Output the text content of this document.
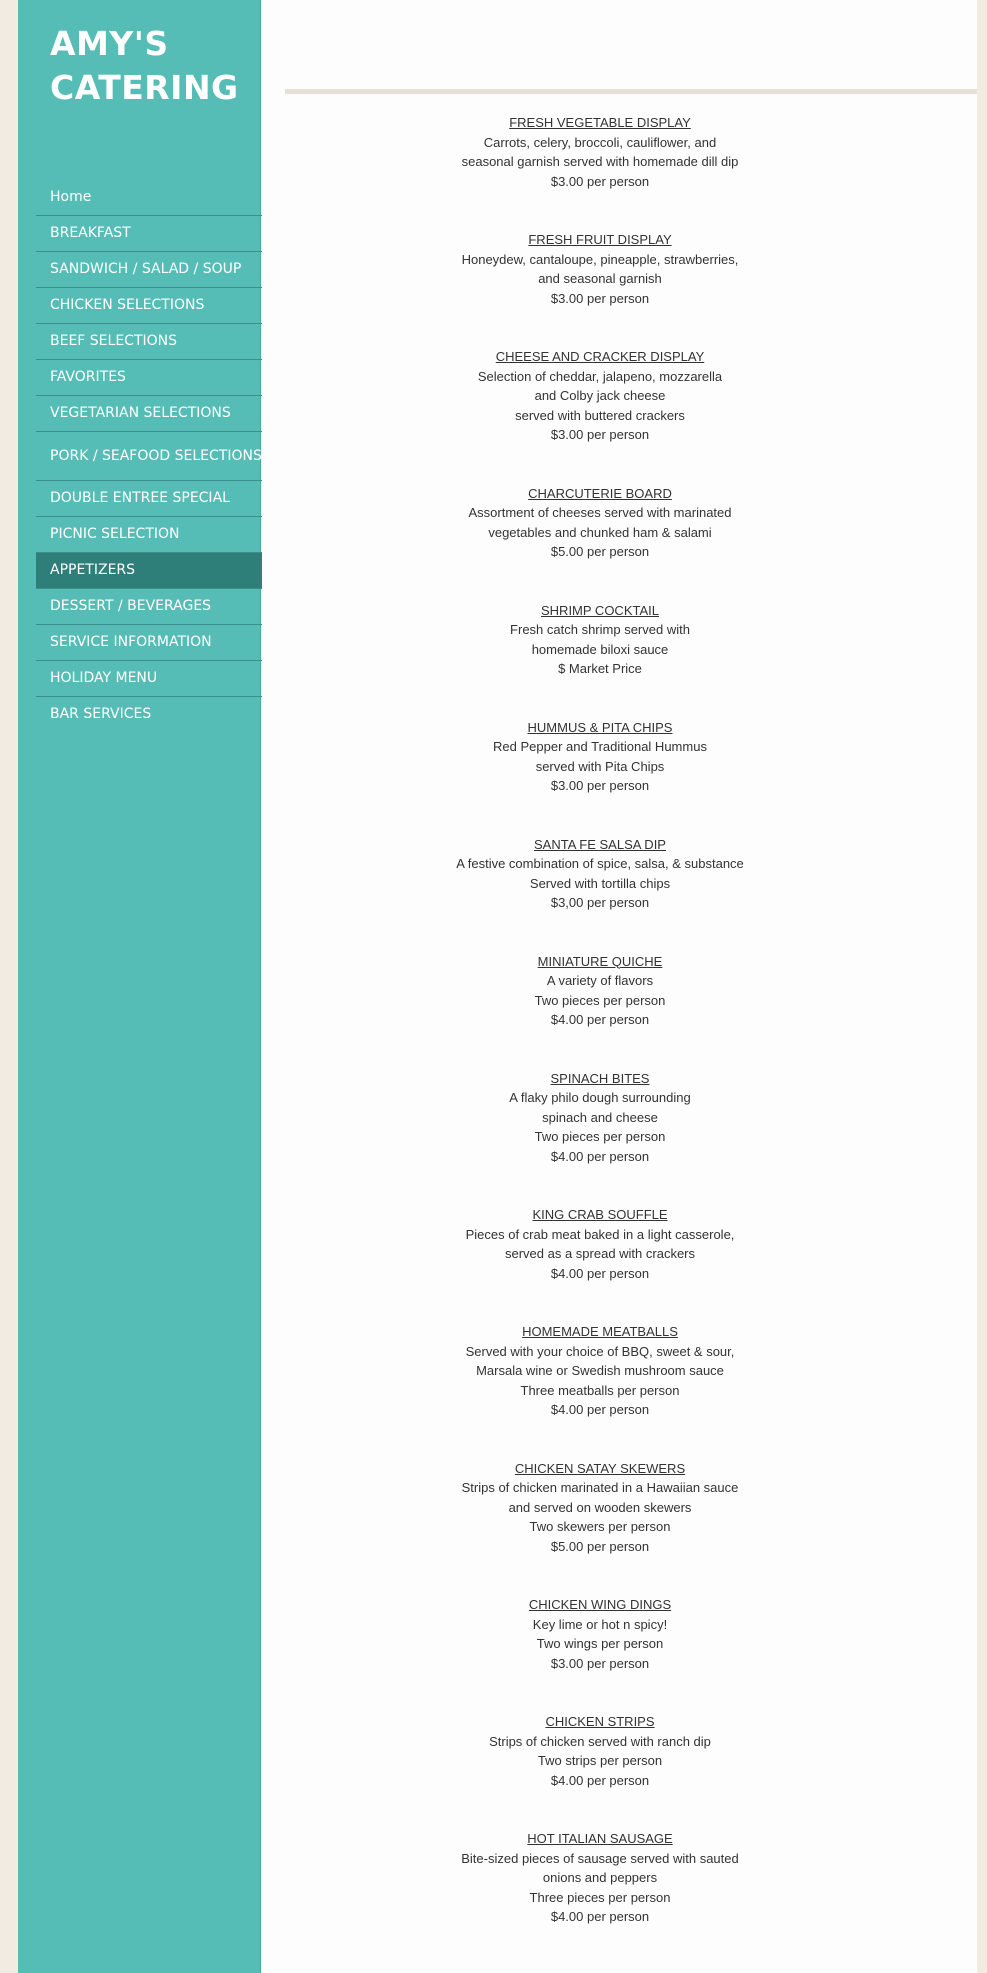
AMY'S CATERING
Home
BREAKFAST
SANDWICH / SALAD / SOUP
CHICKEN SELECTIONS
BEEF SELECTIONS
FAVORITES
VEGETARIAN SELECTIONS
PORK / SEAFOOD SELECTIONS
DOUBLE ENTREE SPECIAL
PICNIC SELECTION
APPETIZERS
DESSERT / BEVERAGES
SERVICE INFORMATION
HOLIDAY MENU
BAR SERVICES
FRESH VEGETABLE DISPLAY
Carrots, celery, broccoli, cauliflower, and
seasonal garnish served with homemade dill dip
$3.00 per person
FRESH FRUIT DISPLAY
Honeydew, cantaloupe, pineapple, strawberries,
and seasonal garnish
$3.00 per person
CHEESE AND CRACKER DISPLAY
Selection of cheddar, jalapeno, mozzarella
and Colby jack cheese
served with buttered crackers
$3.00 per person
CHARCUTERIE BOARD
Assortment of cheeses served with marinated
vegetables and chunked ham & salami
$5.00 per person
SHRIMP COCKTAIL
Fresh catch shrimp served with
homemade biloxi sauce
$ Market Price
HUMMUS & PITA CHIPS
Red Pepper and Traditional Hummus
served with Pita Chips
$3.00 per person
SANTA FE SALSA DIP
A festive combination of spice, salsa, & substance
Served with tortilla chips
$3,00 per person
MINIATURE QUICHE
A variety of flavors
Two pieces per person
$4.00 per person
SPINACH BITES
A flaky philo dough surrounding
spinach and cheese
Two pieces per person
$4.00 per person
KING CRAB SOUFFLE
Pieces of crab meat baked in a light casserole,
served as a spread with crackers
$4.00 per person
HOMEMADE MEATBALLS
Served with your choice of BBQ, sweet & sour,
Marsala wine or Swedish mushroom sauce
Three meatballs per person
$4.00 per person
CHICKEN SATAY SKEWERS
Strips of chicken marinated in a Hawaiian sauce
and served on wooden skewers
Two skewers per person
$5.00 per person
CHICKEN WING DINGS
Key lime or hot n spicy!
Two wings per person
$3.00 per person
CHICKEN STRIPS
Strips of chicken served with ranch dip
Two strips per person
$4.00 per person
HOT ITALIAN SAUSAGE
Bite-sized pieces of sausage served with sauted
onions and peppers
Three pieces per person
$4.00 per person
